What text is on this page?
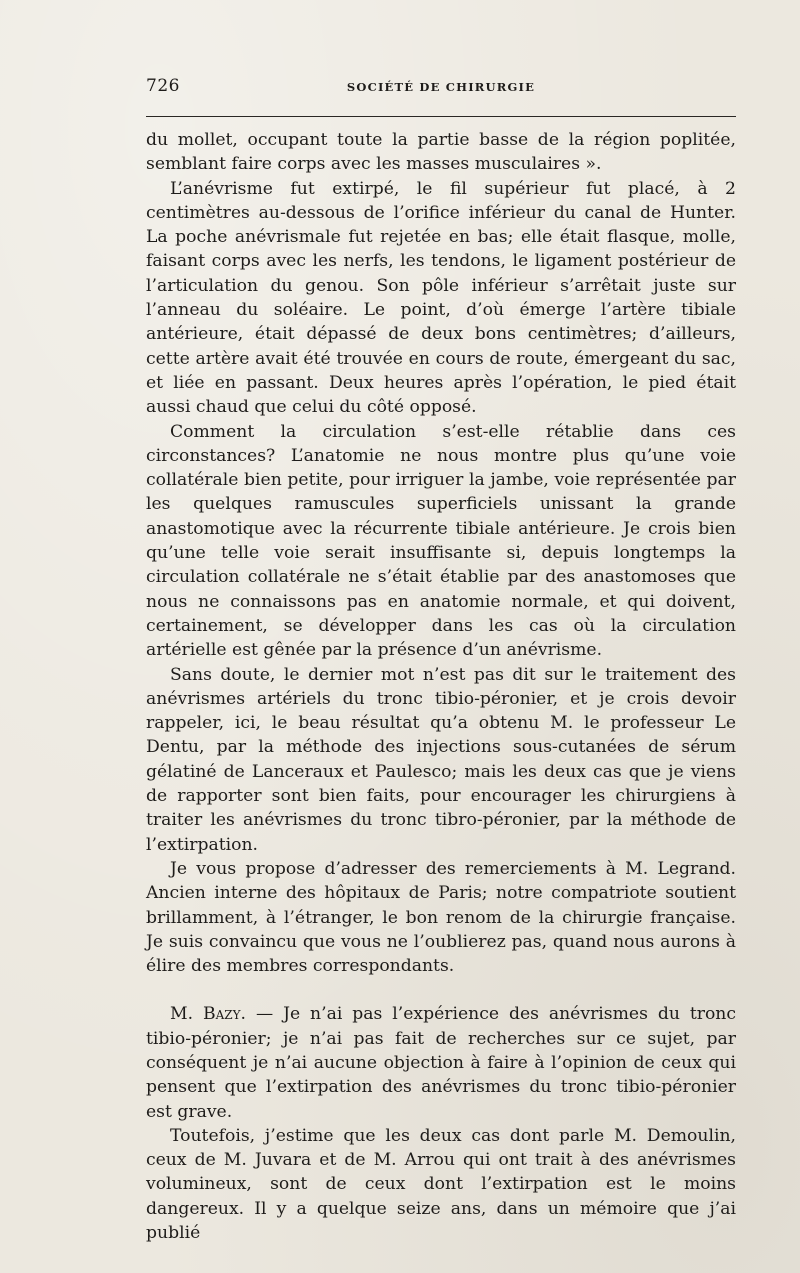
726	SOCIÉTÉ DE CHIRURGIE

du mollet, occupant toute la partie basse de la région poplitée, semblant faire corps avec les masses musculaires ».

L’anévrisme fut extirpé, le fil supérieur fut placé, à 2 centimètres au-dessous de l’orifice inférieur du canal de Hunter. La poche anévrismale fut rejetée en bas; elle était flasque, molle, faisant corps avec les nerfs, les tendons, le ligament postérieur de l’articulation du genou. Son pôle inférieur s’arrêtait juste sur l’anneau du soléaire. Le point, d’où émerge l’artère tibiale antérieure, était dépassé de deux bons centimètres; d’ailleurs, cette artère avait été trouvée en cours de route, émergeant du sac, et liée en passant. Deux heures après l’opération, le pied était aussi chaud que celui du côté opposé.

Comment la circulation s’est-elle rétablie dans ces circonstances? L’anatomie ne nous montre plus qu’une voie collatérale bien petite, pour irriguer la jambe, voie représentée par les quelques ramuscules superficiels unissant la grande anastomotique avec la récurrente tibiale antérieure. Je crois bien qu’une telle voie serait insuffisante si, depuis longtemps la circulation collatérale ne s’était établie par des anastomoses que nous ne connaissons pas en anatomie normale, et qui doivent, certainement, se développer dans les cas où la circulation artérielle est gênée par la présence d’un anévrisme.

Sans doute, le dernier mot n’est pas dit sur le traitement des anévrismes artériels du tronc tibio-péronier, et je crois devoir rappeler, ici, le beau résultat qu’a obtenu M. le professeur Le Dentu, par la méthode des injections sous-cutanées de sérum gélatiné de Lanceraux et Paulesco; mais les deux cas que je viens de rapporter sont bien faits, pour encourager les chirurgiens à traiter les anévrismes du tronc tibro-péronier, par la méthode de l’extirpation.

Je vous propose d’adresser des remerciements à M. Legrand. Ancien interne des hôpitaux de Paris; notre compatriote soutient brillamment, à l’étranger, le bon renom de la chirurgie française. Je suis convaincu que vous ne l’oublierez pas, quand nous aurons à élire des membres correspondants.

M. Bazy. — Je n’ai pas l’expérience des anévrismes du tronc tibio-péronier; je n’ai pas fait de recherches sur ce sujet, par conséquent je n’ai aucune objection à faire à l’opinion de ceux qui pensent que l’extirpation des anévrismes du tronc tibio-péronier est grave.

Toutefois, j’estime que les deux cas dont parle M. Demoulin, ceux de M. Juvara et de M. Arrou qui ont trait à des anévrismes volumineux, sont de ceux dont l’extirpation est le moins dangereux. Il y a quelque seize ans, dans un mémoire que j’ai publié
